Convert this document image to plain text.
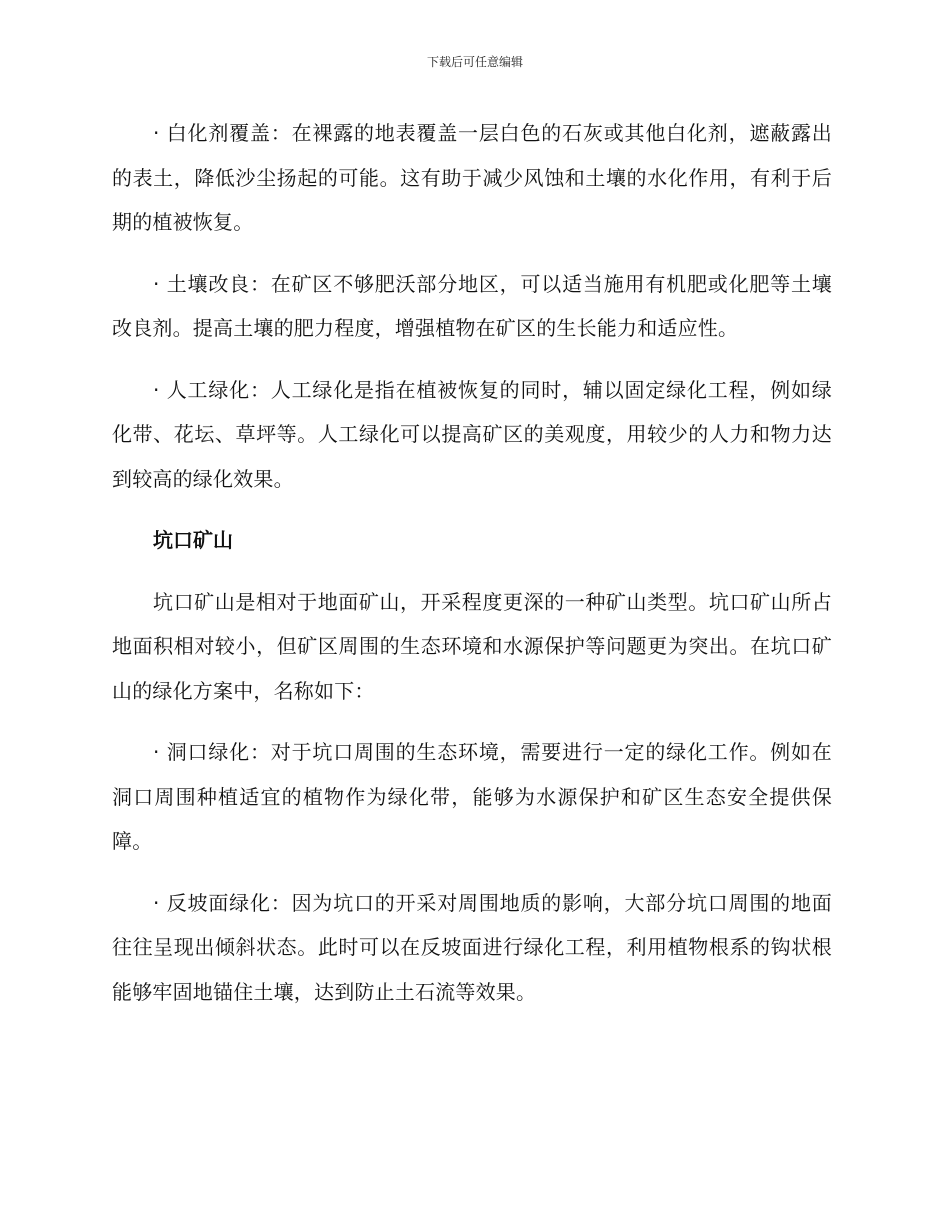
下载后可任意编辑

· 白化剂覆盖：在裸露的地表覆盖一层白色的石灰或其他白化剂，遮蔽露出的表土，降低沙尘扬起的可能。这有助于减少风蚀和土壤的水化作用，有利于后期的植被恢复。

· 土壤改良：在矿区不够肥沃部分地区，可以适当施用有机肥或化肥等土壤改良剂。提高土壤的肥力程度，增强植物在矿区的生长能力和适应性。

· 人工绿化：人工绿化是指在植被恢复的同时，辅以固定绿化工程，例如绿化带、花坛、草坪等。人工绿化可以提高矿区的美观度，用较少的人力和物力达到较高的绿化效果。

坑口矿山

坑口矿山是相对于地面矿山，开采程度更深的一种矿山类型。坑口矿山所占地面积相对较小，但矿区周围的生态环境和水源保护等问题更为突出。在坑口矿山的绿化方案中，名称如下：

· 洞口绿化：对于坑口周围的生态环境，需要进行一定的绿化工作。例如在洞口周围种植适宜的植物作为绿化带，能够为水源保护和矿区生态安全提供保障。

· 反坡面绿化：因为坑口的开采对周围地质的影响，大部分坑口周围的地面往往呈现出倾斜状态。此时可以在反坡面进行绿化工程，利用植物根系的钩状根能够牢固地锚住土壤，达到防止土石流等效果。
